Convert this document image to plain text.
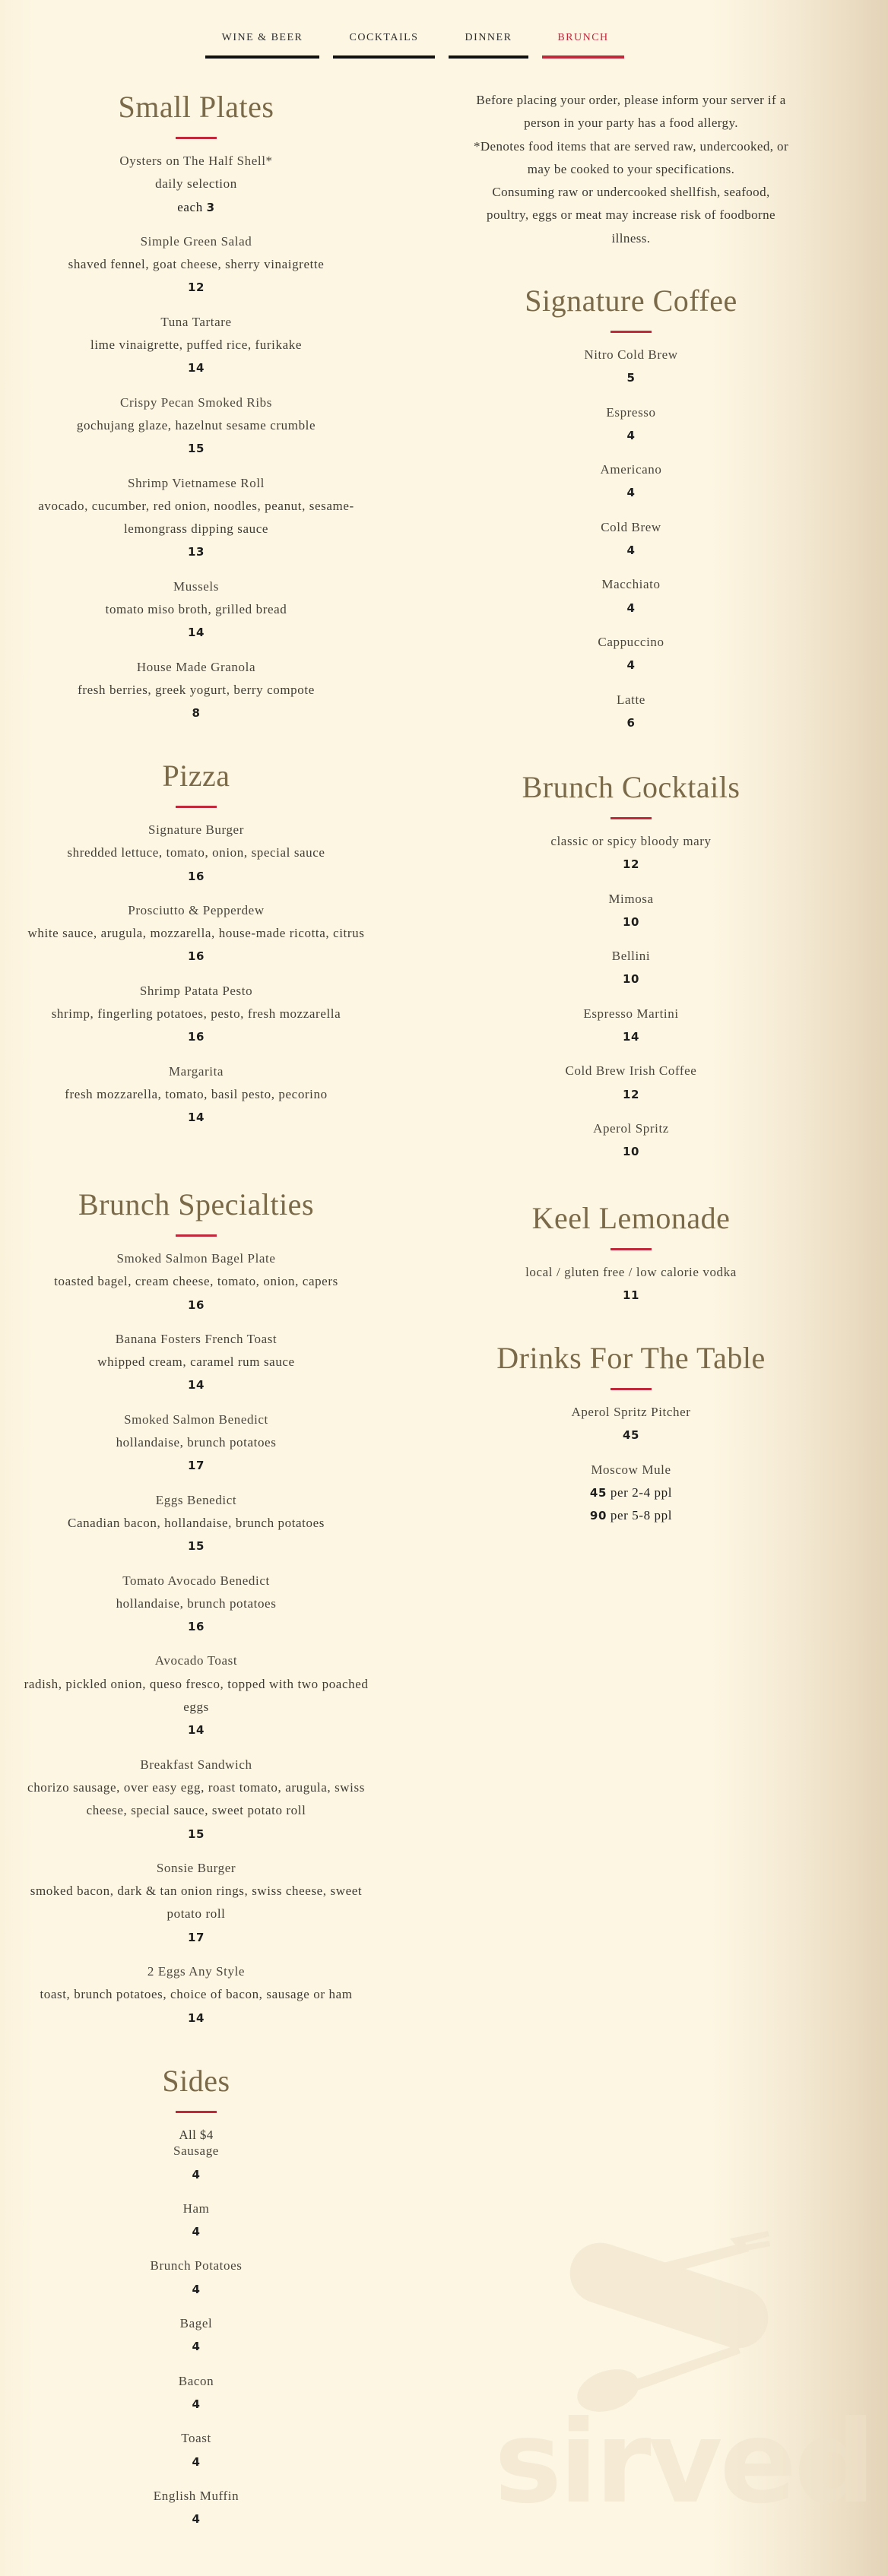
WINE & BEER	COCKTAILS	DINNER	BRUNCH
Before placing your order, please inform your server if a
person in your party has a food allergy.
*Denotes food items that are served raw, undercooked, or
may be cooked to your specifications.
Consuming raw or undercooked shellfish, seafood,
poultry, eggs or meat may increase risk of foodborne
illness.
Small Plates
Oysters on The Half Shell*
daily selection
each 3
Simple Green Salad
shaved fennel, goat cheese, sherry vinaigrette
12
Tuna Tartare
lime vinaigrette, puffed rice, furikake
14
Crispy Pecan Smoked Ribs
gochujang glaze, hazelnut sesame crumble
15
Shrimp Vietnamese Roll
avocado, cucumber, red onion, noodles, peanut, sesame-lemongrass dipping sauce
13
Mussels
tomato miso broth, grilled bread
14
House Made Granola
fresh berries, greek yogurt, berry compote
8
Pizza
Signature Burger
shredded lettuce, tomato, onion, special sauce
16
Prosciutto & Pepperdew
white sauce, arugula, mozzarella, house-made ricotta, citrus
16
Shrimp Patata Pesto
shrimp, fingerling potatoes, pesto, fresh mozzarella
16
Margarita
fresh mozzarella, tomato, basil pesto, pecorino
14
Brunch Specialties
Smoked Salmon Bagel Plate
toasted bagel, cream cheese, tomato, onion, capers
16
Banana Fosters French Toast
whipped cream, caramel rum sauce
14
Smoked Salmon Benedict
hollandaise, brunch potatoes
17
Eggs Benedict
Canadian bacon, hollandaise, brunch potatoes
15
Tomato Avocado Benedict
hollandaise, brunch potatoes
16
Avocado Toast
radish, pickled onion, queso fresco, topped with two poached eggs
14
Breakfast Sandwich
chorizo sausage, over easy egg, roast tomato, arugula, swiss cheese, special sauce, sweet potato roll
15
Sonsie Burger
smoked bacon, dark & tan onion rings, swiss cheese, sweet potato roll
17
2 Eggs Any Style
toast, brunch potatoes, choice of bacon, sausage or ham
14
Sides
All $4
Sausage
4
Ham
4
Brunch Potatoes
4
Bagel
4
Bacon
4
Toast
4
English Muffin
4
Signature Coffee
Nitro Cold Brew
5
Espresso
4
Americano
4
Cold Brew
4
Macchiato
4
Cappuccino
4
Latte
6
Brunch Cocktails
classic or spicy bloody mary
12
Mimosa
10
Bellini
10
Espresso Martini
14
Cold Brew Irish Coffee
12
Aperol Spritz
10
Keel Lemonade
local / gluten free / low calorie vodka
11
Drinks For The Table
Aperol Spritz Pitcher
45
Moscow Mule
45 per 2-4 ppl
90 per 5-8 ppl
sirved
